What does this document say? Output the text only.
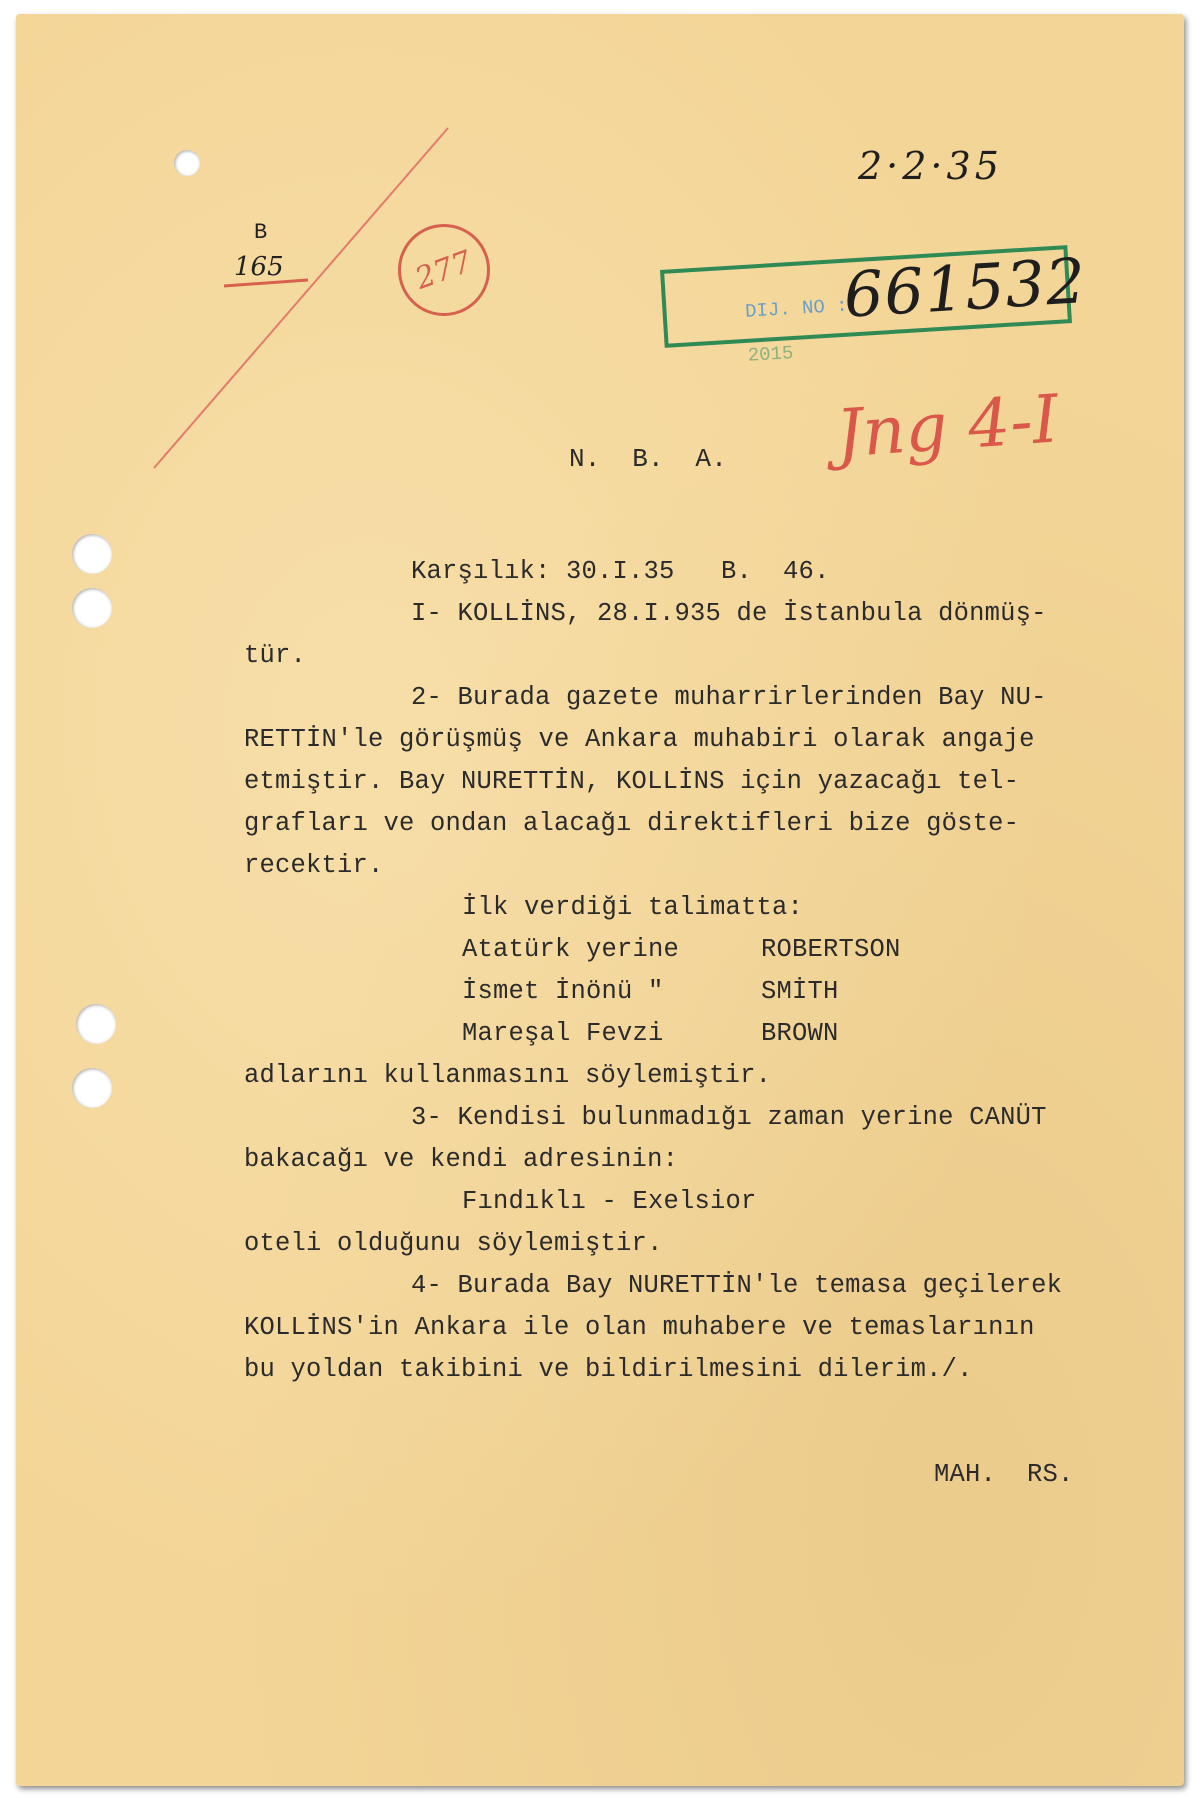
B
165	277
2·2·35

DIJ. NO :

2015

661532
N.  B.  A. Jng 4-I
Karşılık: 30.I.35   B.  46.
I- KOLLİNS, 28.I.935 de İstanbula dönmüş-
tür.
2- Burada gazete muharrirlerinden Bay NU-
RETTİN'le görüşmüş ve Ankara muhabiri olarak angaje
etmiştir. Bay NURETTİN, KOLLİNS için yazacağı tel-
grafları ve ondan alacağı direktifleri bize göste-
recektir.
İlk verdiği talimatta:
Atatürk yerine	ROBERTSON
İsmet İnönü "	SMİTH
Mareşal Fevzi	BROWN
adlarını kullanmasını söylemiştir.
3- Kendisi bulunmadığı zaman yerine CANÜT
bakacağı ve kendi adresinin:
Fındıklı - Exelsior
oteli olduğunu söylemiştir.
4- Burada Bay NURETTİN'le temasa geçilerek
KOLLİNS'in Ankara ile olan muhabere ve temaslarının
bu yoldan takibini ve bildirilmesini dilerim./.
MAH.  RS.
